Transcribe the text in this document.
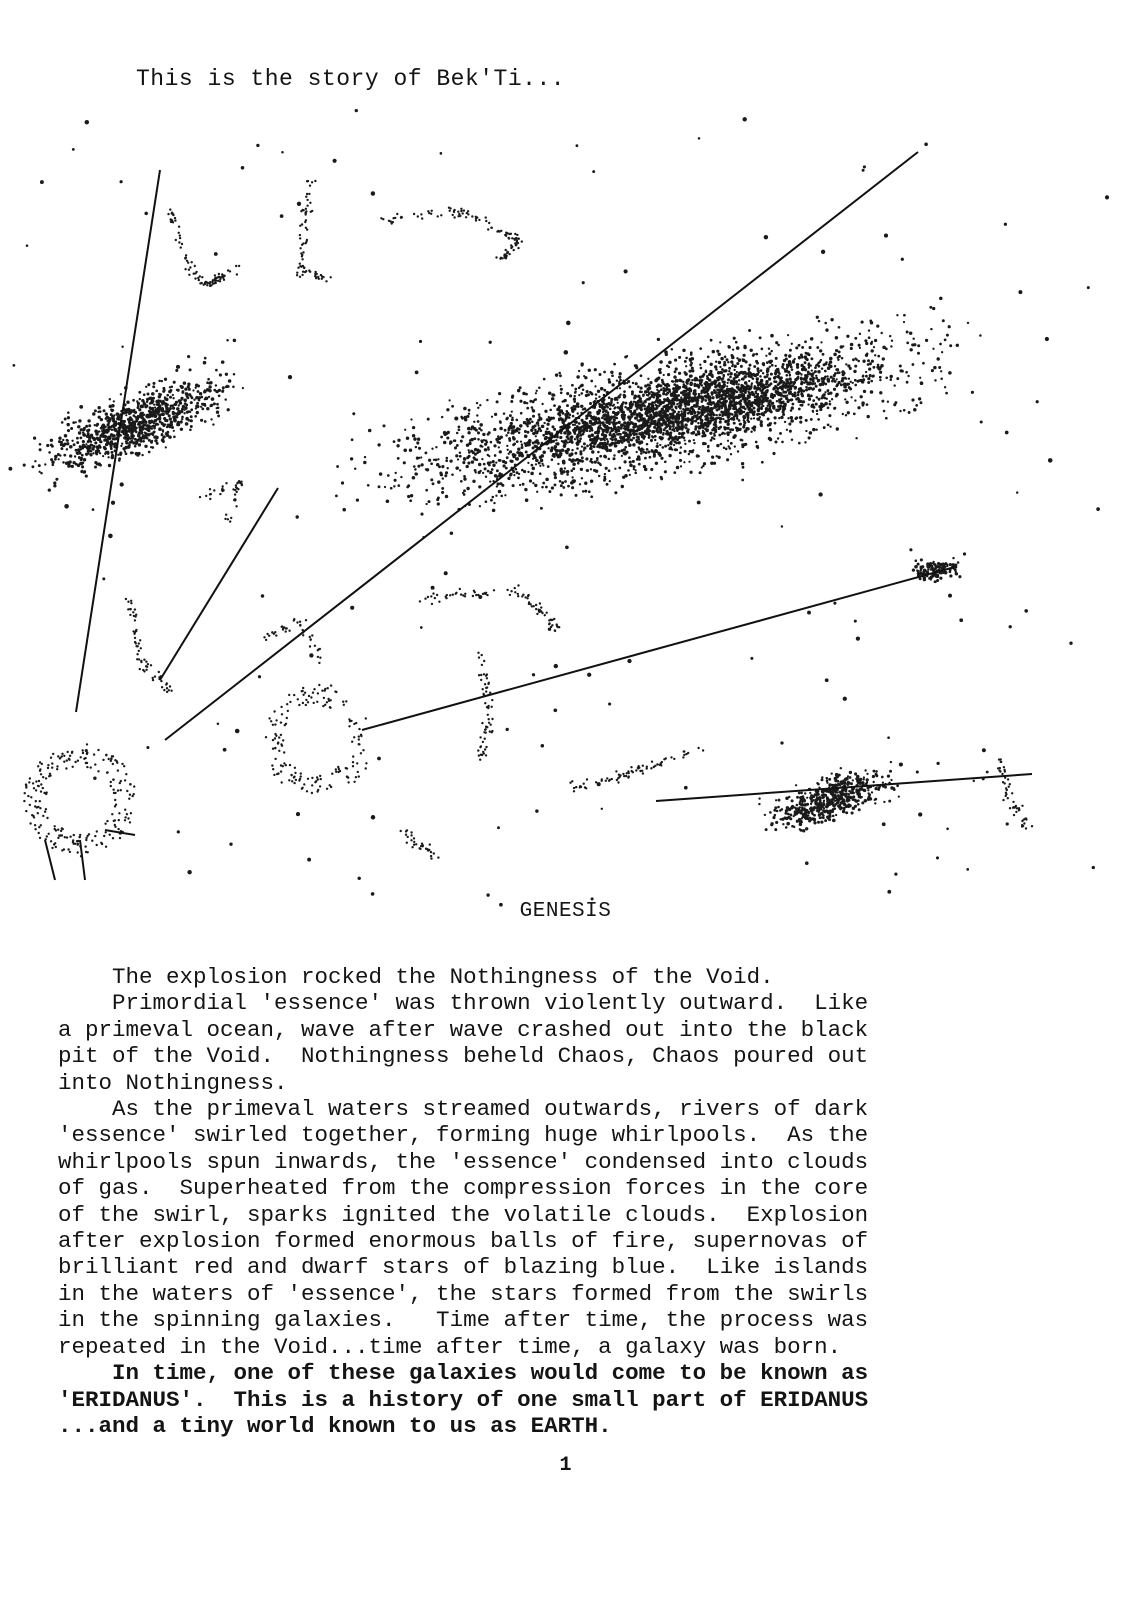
This is the story of Bek'Ti...
GENESIS

The explosion rocked the Nothingness of the Void.

Primordial 'essence' was thrown violently outward.  Like

a primeval ocean, wave after wave crashed out into the black

pit of the Void.  Nothingness beheld Chaos, Chaos poured out

into Nothingness.

As the primeval waters streamed outwards, rivers of dark

'essence' swirled together, forming huge whirlpools.  As the

whirlpools spun inwards, the 'essence' condensed into clouds

of gas.  Superheated from the compression forces in the core

of the swirl, sparks ignited the volatile clouds.  Explosion

after explosion formed enormous balls of fire, supernovas of

brilliant red and dwarf stars of blazing blue.  Like islands

in the waters of 'essence', the stars formed from the swirls

in the spinning galaxies.   Time after time, the process was

repeated in the Void...time after time, a galaxy was born.

In time, one of these galaxies would come to be known as

'ERIDANUS'.  This is a history of one small part of ERIDANUS

...and a tiny world known to us as EARTH.

1
